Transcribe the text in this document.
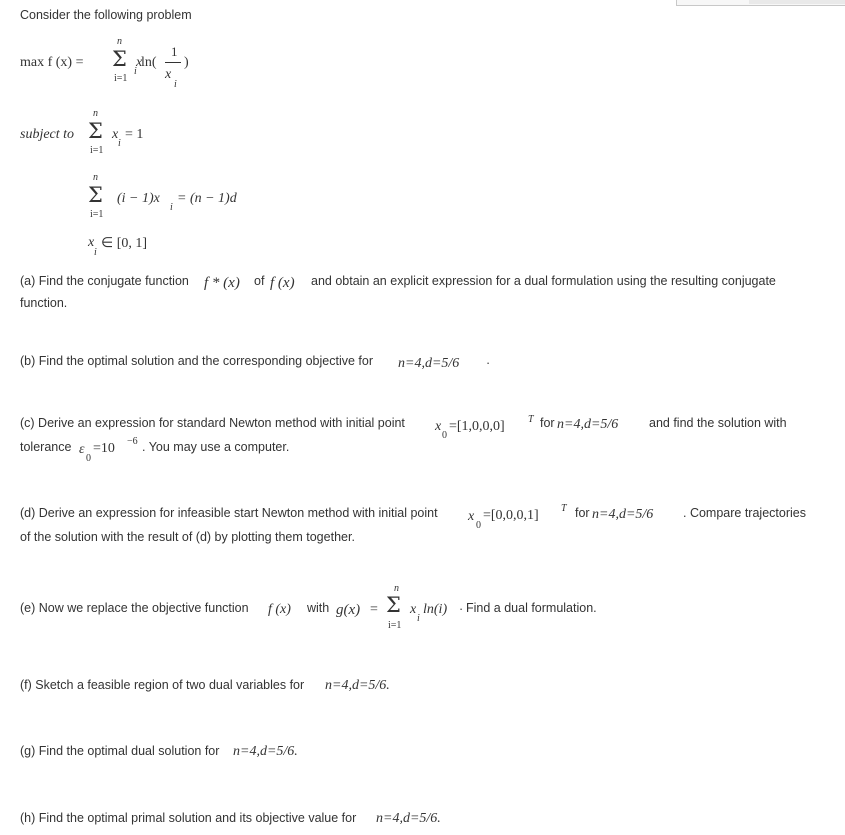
Consider the following problem
max f (x) =
n
Σ
i=1
x
i
ln(
1
x
i
)
subject to
n
Σ
i=1
x
i
= 1
n
Σ
i=1
(i − 1)x
i
= (n − 1)d
x
i
∈ [0, 1]
(a) Find the conjugate function f * (x) of f (x) and obtain an explicit expression for a dual formulation using the resulting conjugate
function.
(b) Find the optimal solution and the corresponding objective for n=4,d=5/6 ·
(c) Derive an expression for standard Newton method with initial point x
0
=[1,0,0,0] T for n=4,d=5/6 and find the solution with
tolerance ε
0
=10 −6 . You may use a computer.
(d) Derive an expression for infeasible start Newton method with initial point x
0
=[0,0,0,1] T for n=4,d=5/6 . Compare trajectories
of the solution with the result of (d) by plotting them together.
(e) Now we replace the objective function f (x) with g(x) =
n
Σ
i=1
x
i
ln(i) · Find a dual formulation.
(f) Sketch a feasible region of two dual variables for n=4,d=5/6.
(g) Find the optimal dual solution for n=4,d=5/6.
(h) Find the optimal primal solution and its objective value for n=4,d=5/6.
